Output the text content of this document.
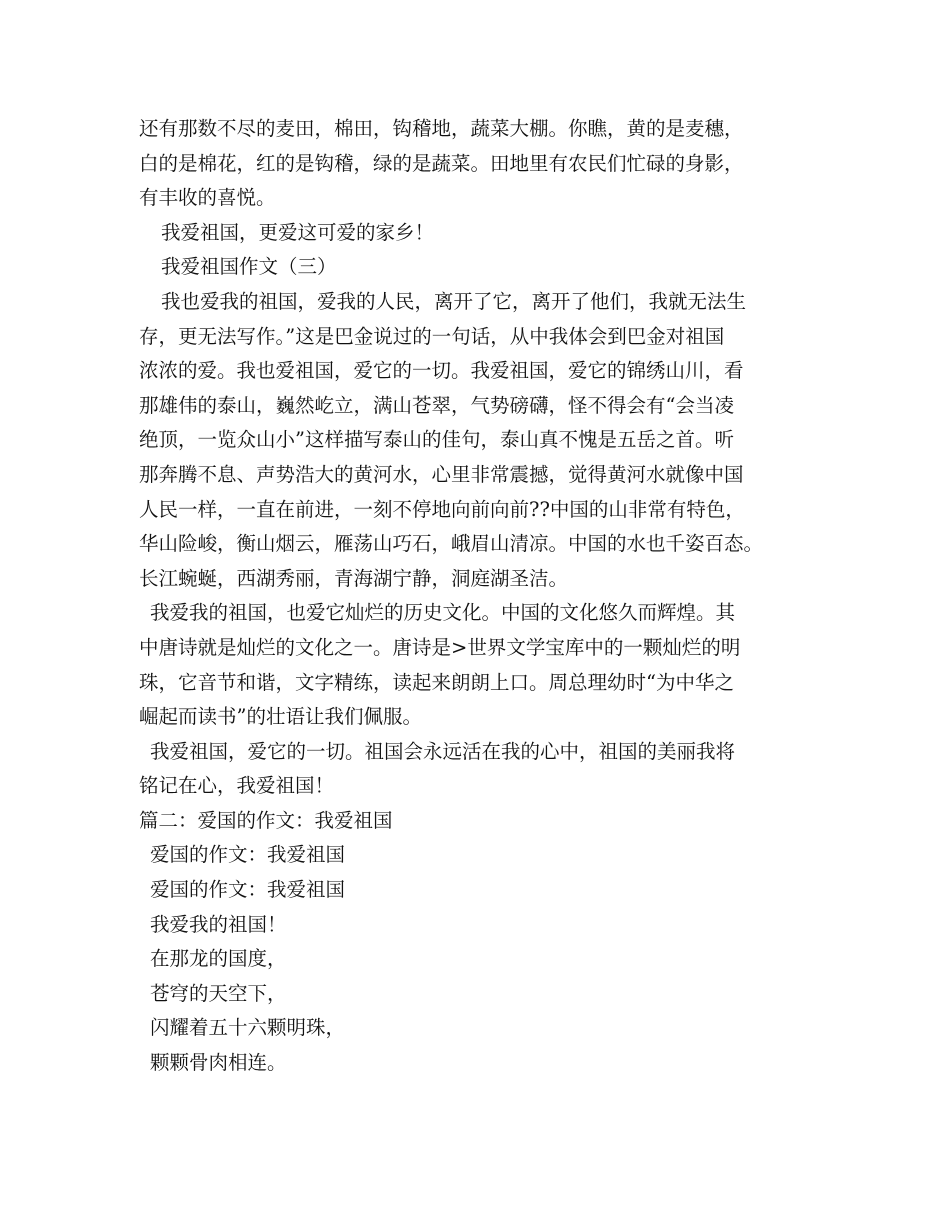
还有那数不尽的麦田，棉田，钩稽地，蔬菜大棚。你瞧，黄的是麦穗，
白的是棉花，红的是钩稽，绿的是蔬菜。田地里有农民们忙碌的身影，
有丰收的喜悦。
我爱祖国，更爱这可爱的家乡！
我爱祖国作文（三）
我也爱我的祖国，爱我的人民，离开了它，离开了他们，我就无法生
存，更无法写作。”这是巴金说过的一句话，从中我体会到巴金对祖国
浓浓的爱。我也爱祖国，爱它的一切。我爱祖国，爱它的锦绣山川，看
那雄伟的泰山，巍然屹立，满山苍翠，气势磅礴，怪不得会有“会当凌
绝顶，一览众山小”这样描写泰山的佳句，泰山真不愧是五岳之首。听
那奔腾不息、声势浩大的黄河水，心里非常震撼，觉得黄河水就像中国
人民一样，一直在前进，一刻不停地向前向前??中国的山非常有特色，
华山险峻，衡山烟云，雁荡山巧石，峨眉山清凉。中国的水也千姿百态。
长江蜿蜒，西湖秀丽，青海湖宁静，洞庭湖圣洁。
我爱我的祖国，也爱它灿烂的历史文化。中国的文化悠久而辉煌。其
中唐诗就是灿烂的文化之一。唐诗是>世界文学宝库中的一颗灿烂的明
珠，它音节和谐，文字精练，读起来朗朗上口。周总理幼时“为中华之
崛起而读书”的壮语让我们佩服。
我爱祖国，爱它的一切。祖国会永远活在我的心中，祖国的美丽我将
铭记在心，我爱祖国！
篇二：爱国的作文：我爱祖国
爱国的作文：我爱祖国
爱国的作文：我爱祖国
我爱我的祖国！
在那龙的国度，
苍穹的天空下，
闪耀着五十六颗明珠，
颗颗骨肉相连。
